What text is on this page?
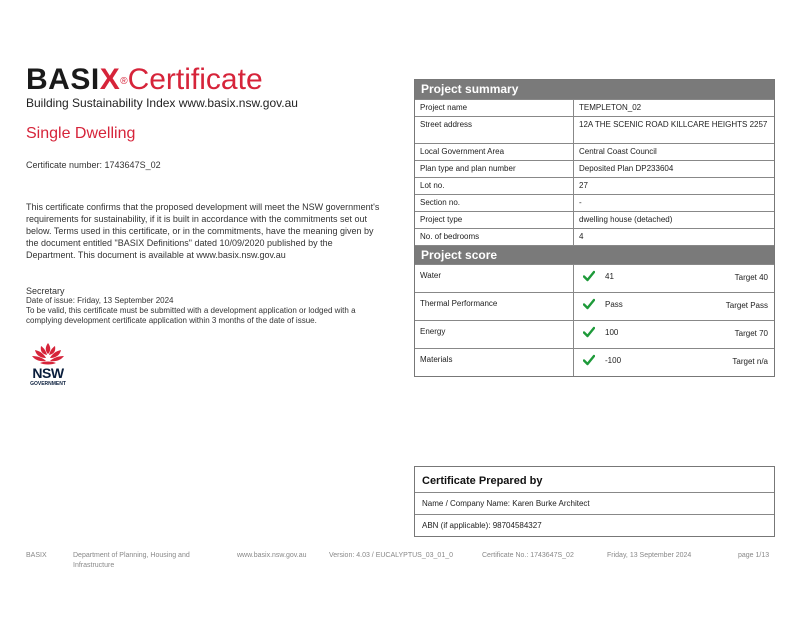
BASIX®Certificate
Building Sustainability Index www.basix.nsw.gov.au
Single Dwelling
Certificate number: 1743647S_02
This certificate confirms that the proposed development will meet the NSW government's requirements for sustainability, if it is built in accordance with the commitments set out below. Terms used in this certificate, or in the commitments, have the meaning given by the document entitled "BASIX Definitions" dated 10/09/2020 published by the Department. This document is available at www.basix.nsw.gov.au
Secretary
Date of issue: Friday, 13 September 2024
To be valid, this certificate must be submitted with a development application or lodged with a complying development certificate application within 3 months of the date of issue.
NSW
GOVERNMENT
Project summary
Project name	TEMPLETON_02
Street address	12A THE SCENIC ROAD KILLCARE HEIGHTS 2257
Local Government Area	Central Coast Council
Plan type and plan number	Deposited Plan DP233604
Lot no.	27
Section no.	-
Project type	dwelling house (detached)
No. of bedrooms	4
Project score
Water	41	Target 40
Thermal Performance	Pass	Target Pass
Energy	100	Target 70
Materials	-100	Target n/a
Certificate Prepared by
Name / Company Name: Karen Burke Architect
ABN (if applicable): 98704584327
BASIX	Department of Planning, Housing and Infrastructure
www.basix.nsw.gov.au	Version: 4.03 / EUCALYPTUS_03_01_0	Certificate No.: 1743647S_02	Friday, 13 September 2024	page 1/13
